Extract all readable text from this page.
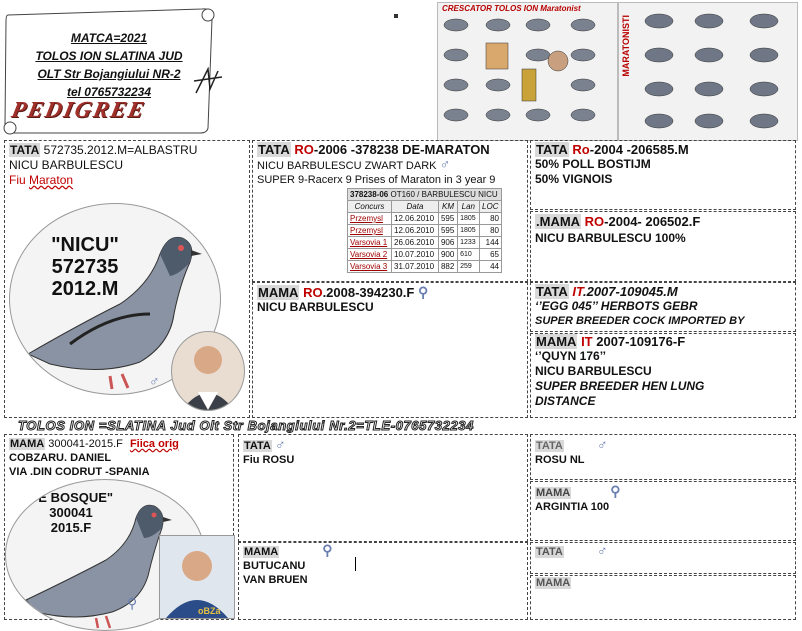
MATCA=2021
TOLOS ION SLATINA JUD
OLT Str Bojangiului NR-2
tel 0765732234
PEDIGREE
CRESCATOR TOLOS ION Maratonist
MARATONISTI
TATA 572735.2012.M=ALBASTRU
NICU BARBULESCU
Fiu Maraton
"NICU"
572735
2012.M
♂
TATA RO-2006 -378238 DE-MARATON
NICU BARBULESCU ZWART DARK ♂
SUPER 9-Racerx 9 Prises of Maraton in 3 year 9
378238-06 OT160 / BARBULESCU NICU				
Concurs	Data	KM	Lan	LOC
Przemysl	12.06.2010	595	1805	80
Przemysl	12.06.2010	595	1805	80
Varsovia 1	26.06.2010	906	1233	144
Varsovia 2	10.07.2010	900	610	65
Varsovia 3	31.07.2010	882	259	44
TATA Ro-2004 -206585.M
50% POLL BOSTIJM
50% VIGNOIS
.MAMA RO-2004- 206502.F
NICU BARBULESCU 100%
MAMA RO.2008-394230.F ⚲
NICU BARBULESCU
TATA IT.2007-109045.M
‘’EGG 045’’ HERBOTS GEBR
SUPER BREEDER COCK IMPORTED BY
MAMA IT 2007-109176-F
‘’QUYN 176’’
NICU BARBULESCU
SUPER BREEDER HEN LUNG
DISTANCE
TOLOS ION =SLATINA Jud Olt Str Bojangiului Nr.2=TLE-0765732234
MAMA 300041-2015.F Fiica orig
COBZARU. DANIEL
VIA .DIN CODRUT -SPANIA
DE BOSQUE"
300041
2015.F
oBZa
⚲
TATA ♂
Fiu ROSU
MAMA	⚲
BUTUCANU
VAN BRUEN
TATA ♂
ROSU NL
MAMA	⚲
ARGINTIA 100
TATA ♂
MAMA
